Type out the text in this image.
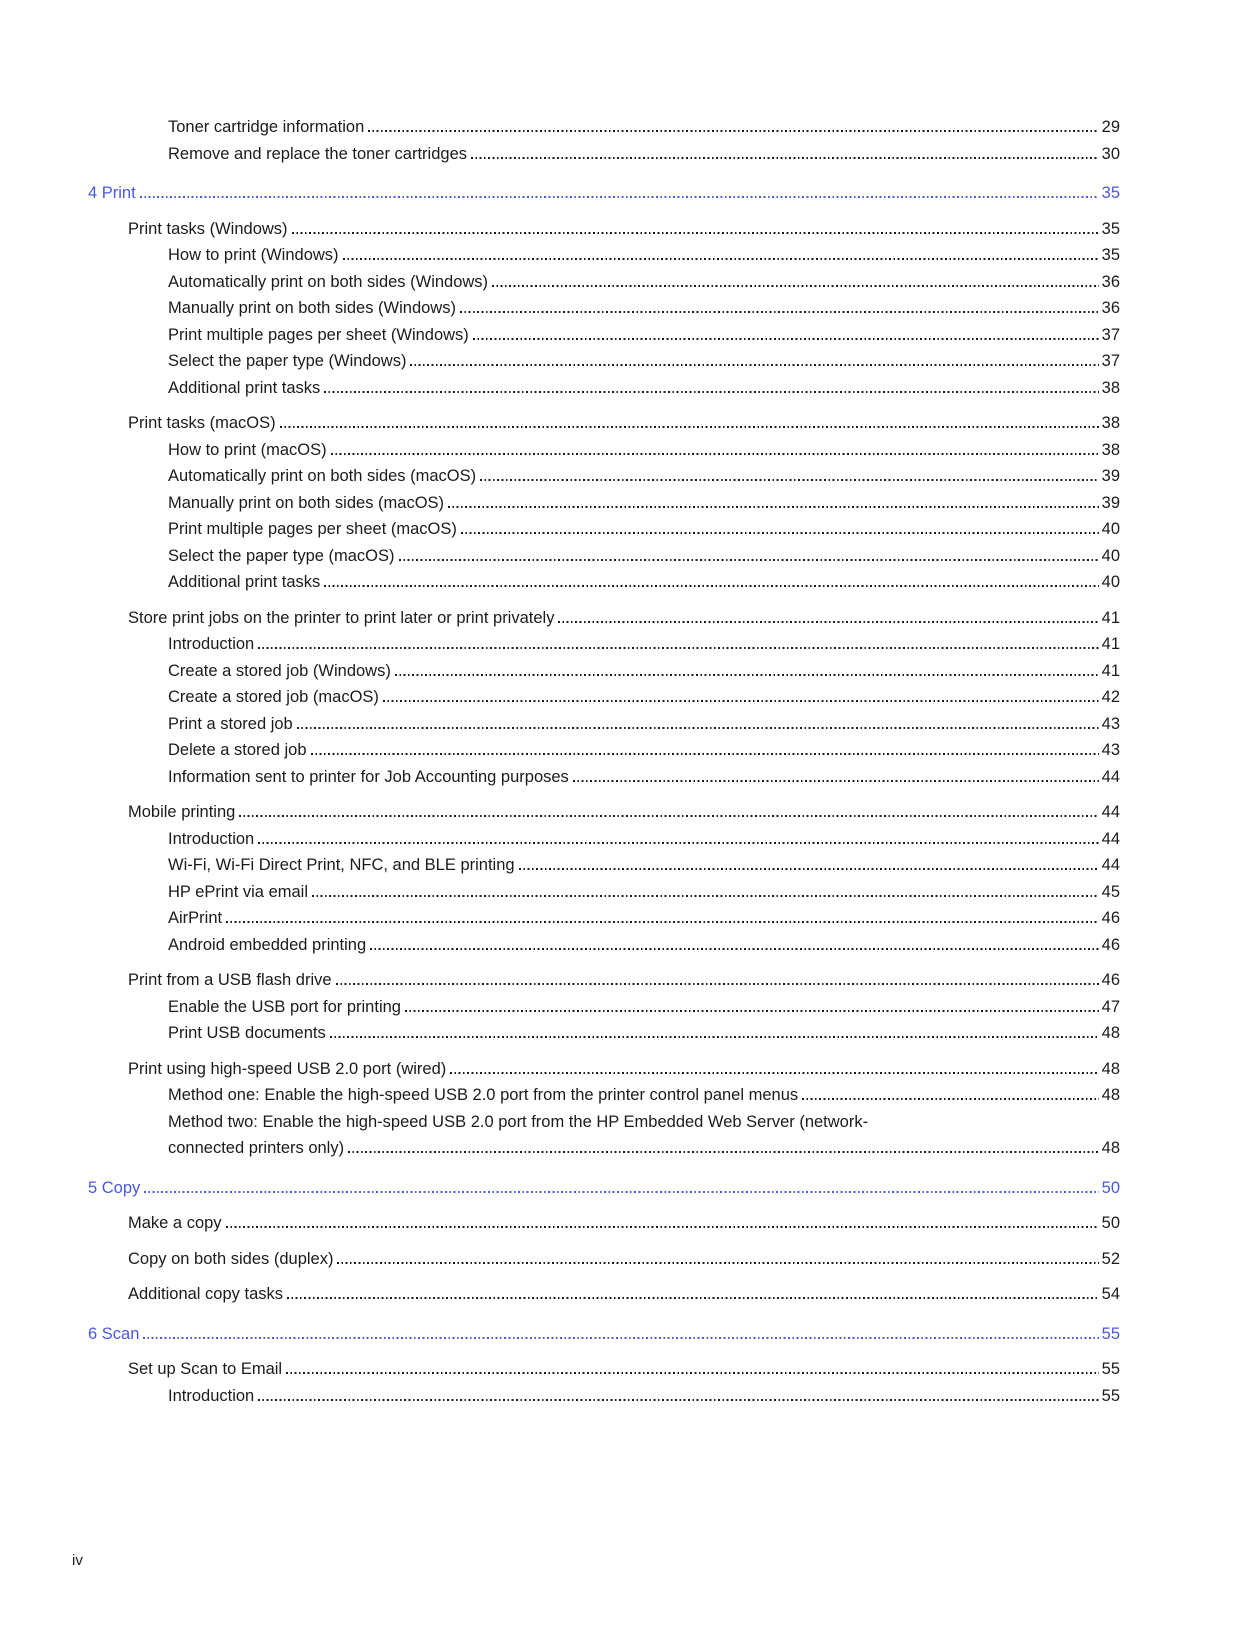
Toner cartridge information	29
Remove and replace the toner cartridges	30
4 Print	35
Print tasks (Windows)	35
How to print (Windows)	35
Automatically print on both sides (Windows)	36
Manually print on both sides (Windows)	36
Print multiple pages per sheet (Windows)	37
Select the paper type (Windows)	37
Additional print tasks	38
Print tasks (macOS)	38
How to print (macOS)	38
Automatically print on both sides (macOS)	39
Manually print on both sides (macOS)	39
Print multiple pages per sheet (macOS)	40
Select the paper type (macOS)	40
Additional print tasks	40
Store print jobs on the printer to print later or print privately	41
Introduction	41
Create a stored job (Windows)	41
Create a stored job (macOS)	42
Print a stored job	43
Delete a stored job	43
Information sent to printer for Job Accounting purposes	44
Mobile printing	44
Introduction	44
Wi-Fi, Wi-Fi Direct Print, NFC, and BLE printing	44
HP ePrint via email	45
AirPrint	46
Android embedded printing	46
Print from a USB flash drive	46
Enable the USB port for printing	47
Print USB documents	48
Print using high-speed USB 2.0 port (wired)	48
Method one: Enable the high-speed USB 2.0 port from the printer control panel menus	48
Method two: Enable the high-speed USB 2.0 port from the HP Embedded Web Server (network-
connected printers only)	48
5 Copy	50
Make a copy	50
Copy on both sides (duplex)	52
Additional copy tasks	54
6 Scan	55
Set up Scan to Email	55
Introduction	55
iv
